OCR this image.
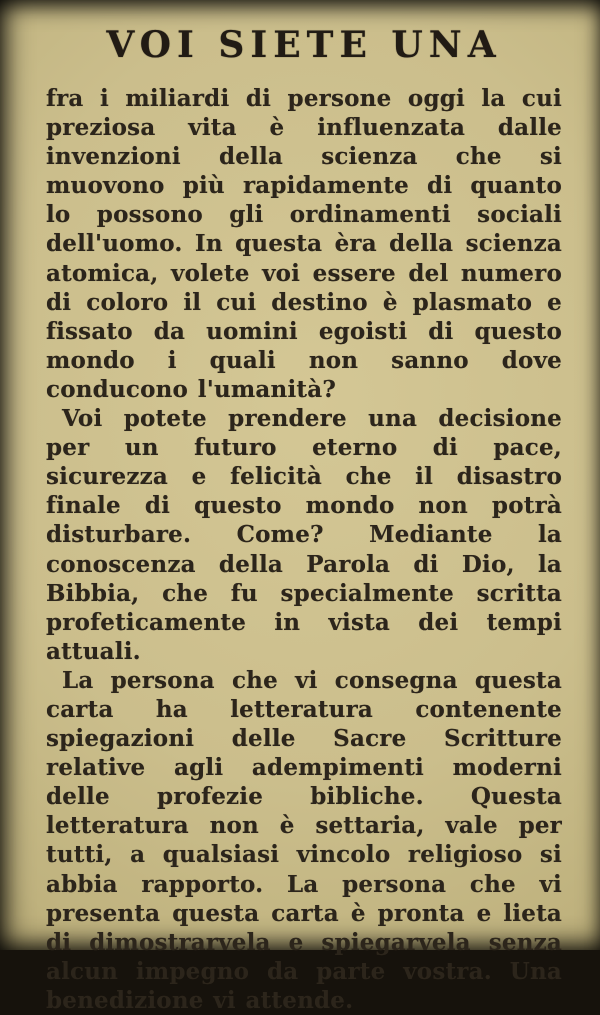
VOI SIETE UNA

fra i miliardi di persone oggi la cui preziosa vita è influenzata dalle invenzioni della scienza che si muovono più rapidamente di quanto lo possono gli ordinamenti sociali dell'uomo. In questa èra della scienza atomica, volete voi essere del numero di coloro il cui destino è plasmato e fissato da uomini egoisti di questo mondo i quali non sanno dove conducono l'umanità?

Voi potete prendere una decisione per un futuro eterno di pace, sicurezza e felicità che il disastro finale di questo mondo non potrà disturbare. Come? Mediante la conoscenza della Parola di Dio, la Bibbia, che fu specialmente scritta profeticamente in vista dei tempi attuali.

La persona che vi consegna questa carta ha letteratura contenente spiegazioni delle Sacre Scritture relative agli adempimenti moderni delle profezie bibliche. Questa letteratura non è settaria, vale per tutti, a qualsiasi vincolo religioso si abbia rapporto. La persona che vi presenta questa carta è pronta e lieta di dimostrarvela e spiegarvela senza alcun impegno da parte vostra. Una benedizione vi attende.
